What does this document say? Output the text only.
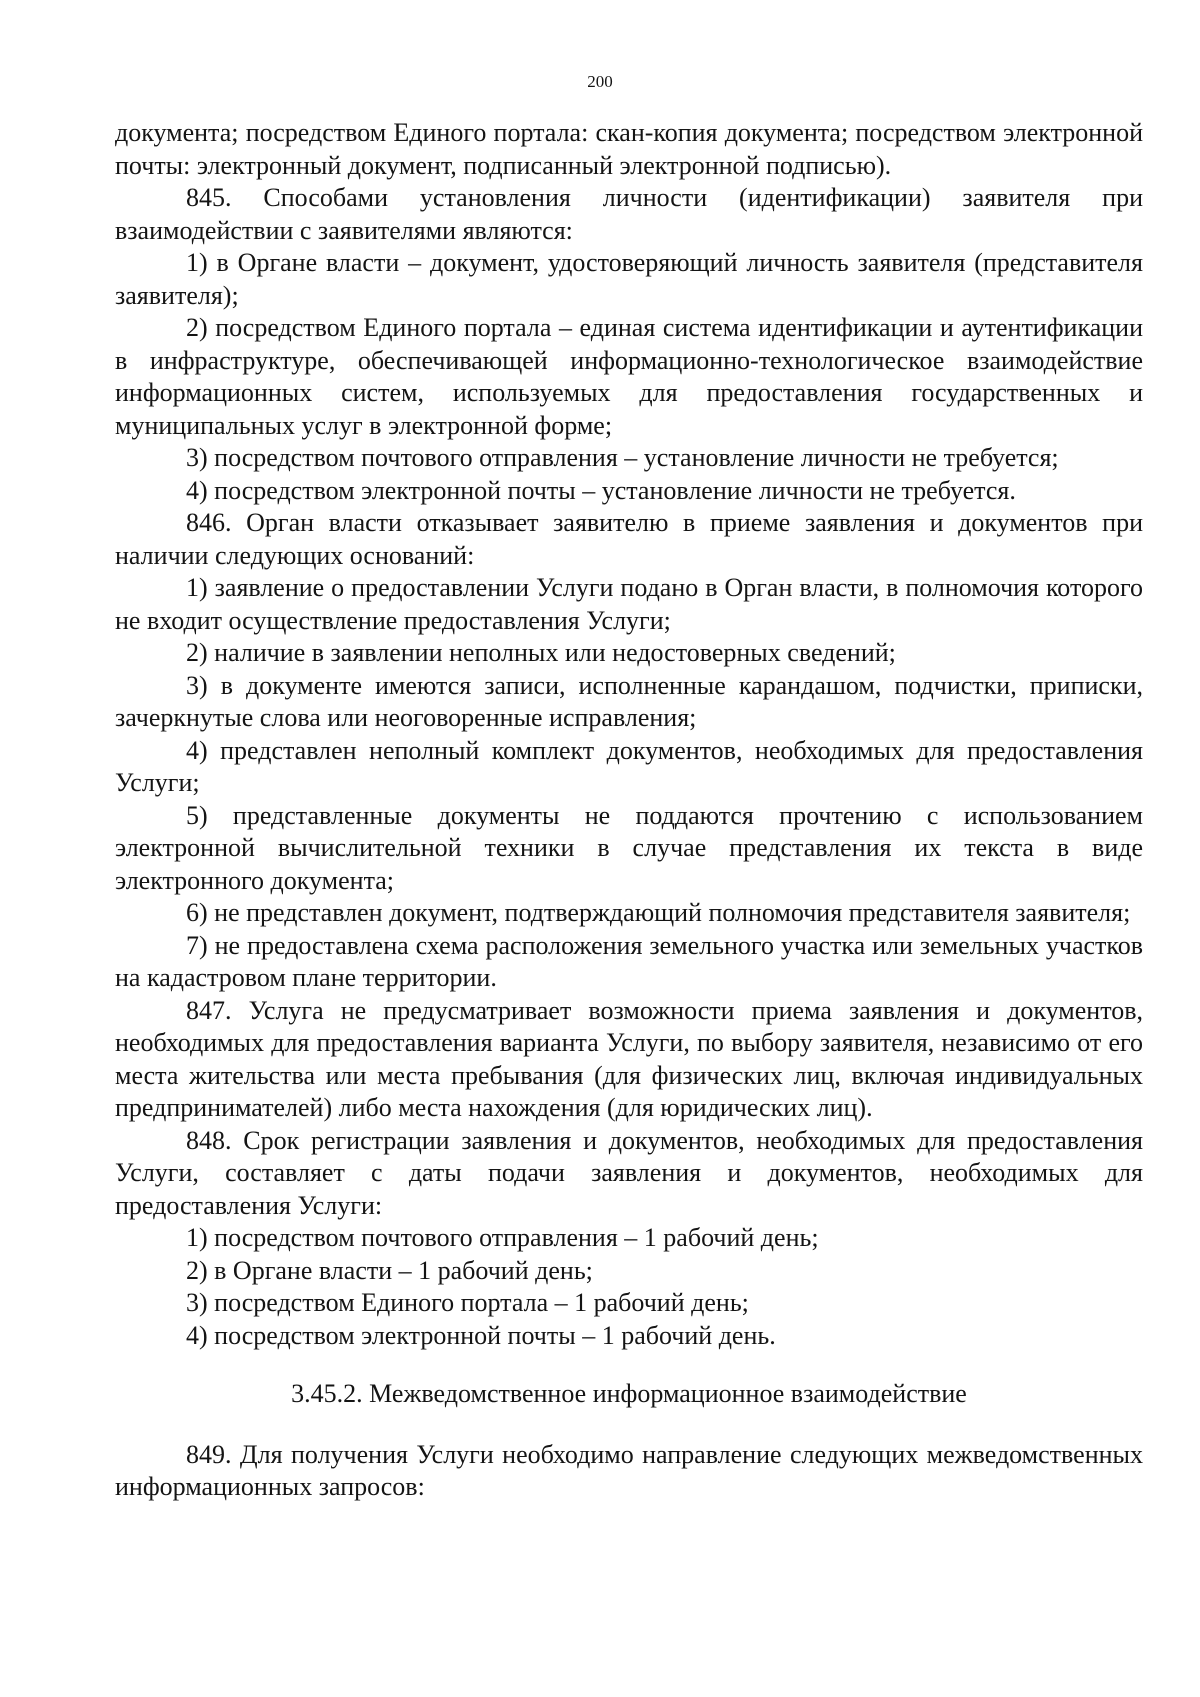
200

документа; посредством Единого портала: скан-копия документа; посредством электронной почты: электронный документ, подписанный электронной подписью).

845. Способами установления личности (идентификации) заявителя при взаимодействии с заявителями являются:

1) в Органе власти – документ, удостоверяющий личность заявителя (представителя заявителя);

2) посредством Единого портала – единая система идентификации и аутентификации в инфраструктуре, обеспечивающей информационно-технологическое взаимодействие информационных систем, используемых для предоставления государственных и муниципальных услуг в электронной форме;

3) посредством почтового отправления – установление личности не требуется;

4) посредством электронной почты – установление личности не требуется.

846. Орган власти отказывает заявителю в приеме заявления и документов при наличии следующих оснований:

1) заявление о предоставлении Услуги подано в Орган власти, в полномочия которого не входит осуществление предоставления Услуги;

2) наличие в заявлении неполных или недостоверных сведений;

3) в документе имеются записи, исполненные карандашом, подчистки, приписки, зачеркнутые слова или неоговоренные исправления;

4) представлен неполный комплект документов, необходимых для предоставления Услуги;

5) представленные документы не поддаются прочтению с использованием электронной вычислительной техники в случае представления их текста в виде электронного документа;

6) не представлен документ, подтверждающий полномочия представителя заявителя;

7) не предоставлена схема расположения земельного участка или земельных участков на кадастровом плане территории.

847. Услуга не предусматривает возможности приема заявления и документов, необходимых для предоставления варианта Услуги, по выбору заявителя, независимо от его места жительства или места пребывания (для физических лиц, включая индивидуальных предпринимателей) либо места нахождения (для юридических лиц).

848. Срок регистрации заявления и документов, необходимых для предоставления Услуги, составляет с даты подачи заявления и документов, необходимых для предоставления Услуги:

1) посредством почтового отправления – 1 рабочий день;

2) в Органе власти – 1 рабочий день;

3) посредством Единого портала – 1 рабочий день;

4) посредством электронной почты – 1 рабочий день.

3.45.2. Межведомственное информационное взаимодействие

849. Для получения Услуги необходимо направление следующих межведомственных информационных запросов:
